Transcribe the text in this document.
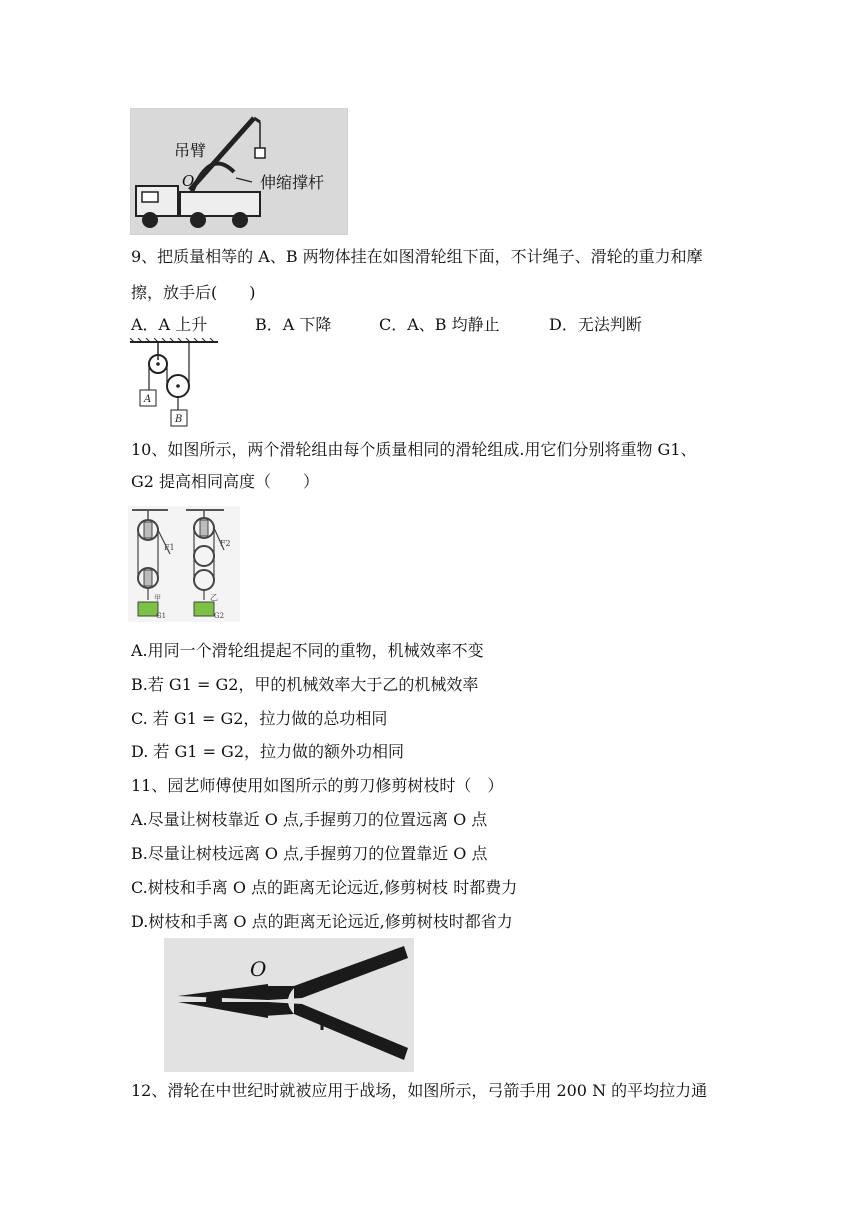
吊臂
O	伸缩撑杆
9、把质量相等的 A、B 两物体挂在如图滑轮组下面，不计绳子、滑轮的重力和摩
擦，放手后(　　)
A．A 上升	B．A 下降	C．A、B 均静止	D．无法判断
A
B
10、如图所示，两个滑轮组由每个质量相同的滑轮组成.用它们分别将重物 G1、
G2 提高相同高度（　　）
F1
甲
G1
F2
乙
G2
A.用同一个滑轮组提起不同的重物，机械效率不变
B.若 G1 = G2，甲的机械效率大于乙的机械效率
C. 若 G1 = G2，拉力做的总功相同
D. 若 G1 = G2，拉力做的额外功相同
11、园艺师傅使用如图所示的剪刀修剪树枝时（　）
A.尽量让树枝靠近 O 点,手握剪刀的位置远离 O 点
B.尽量让树枝远离 O 点,手握剪刀的位置靠近 O 点
C.树枝和手离 O 点的距离无论远近,修剪树枝 时都费力
D.树枝和手离 O 点的距离无论远近,修剪树枝时都省力
O
12、滑轮在中世纪时就被应用于战场，如图所示，弓箭手用 200 N 的平均拉力通
